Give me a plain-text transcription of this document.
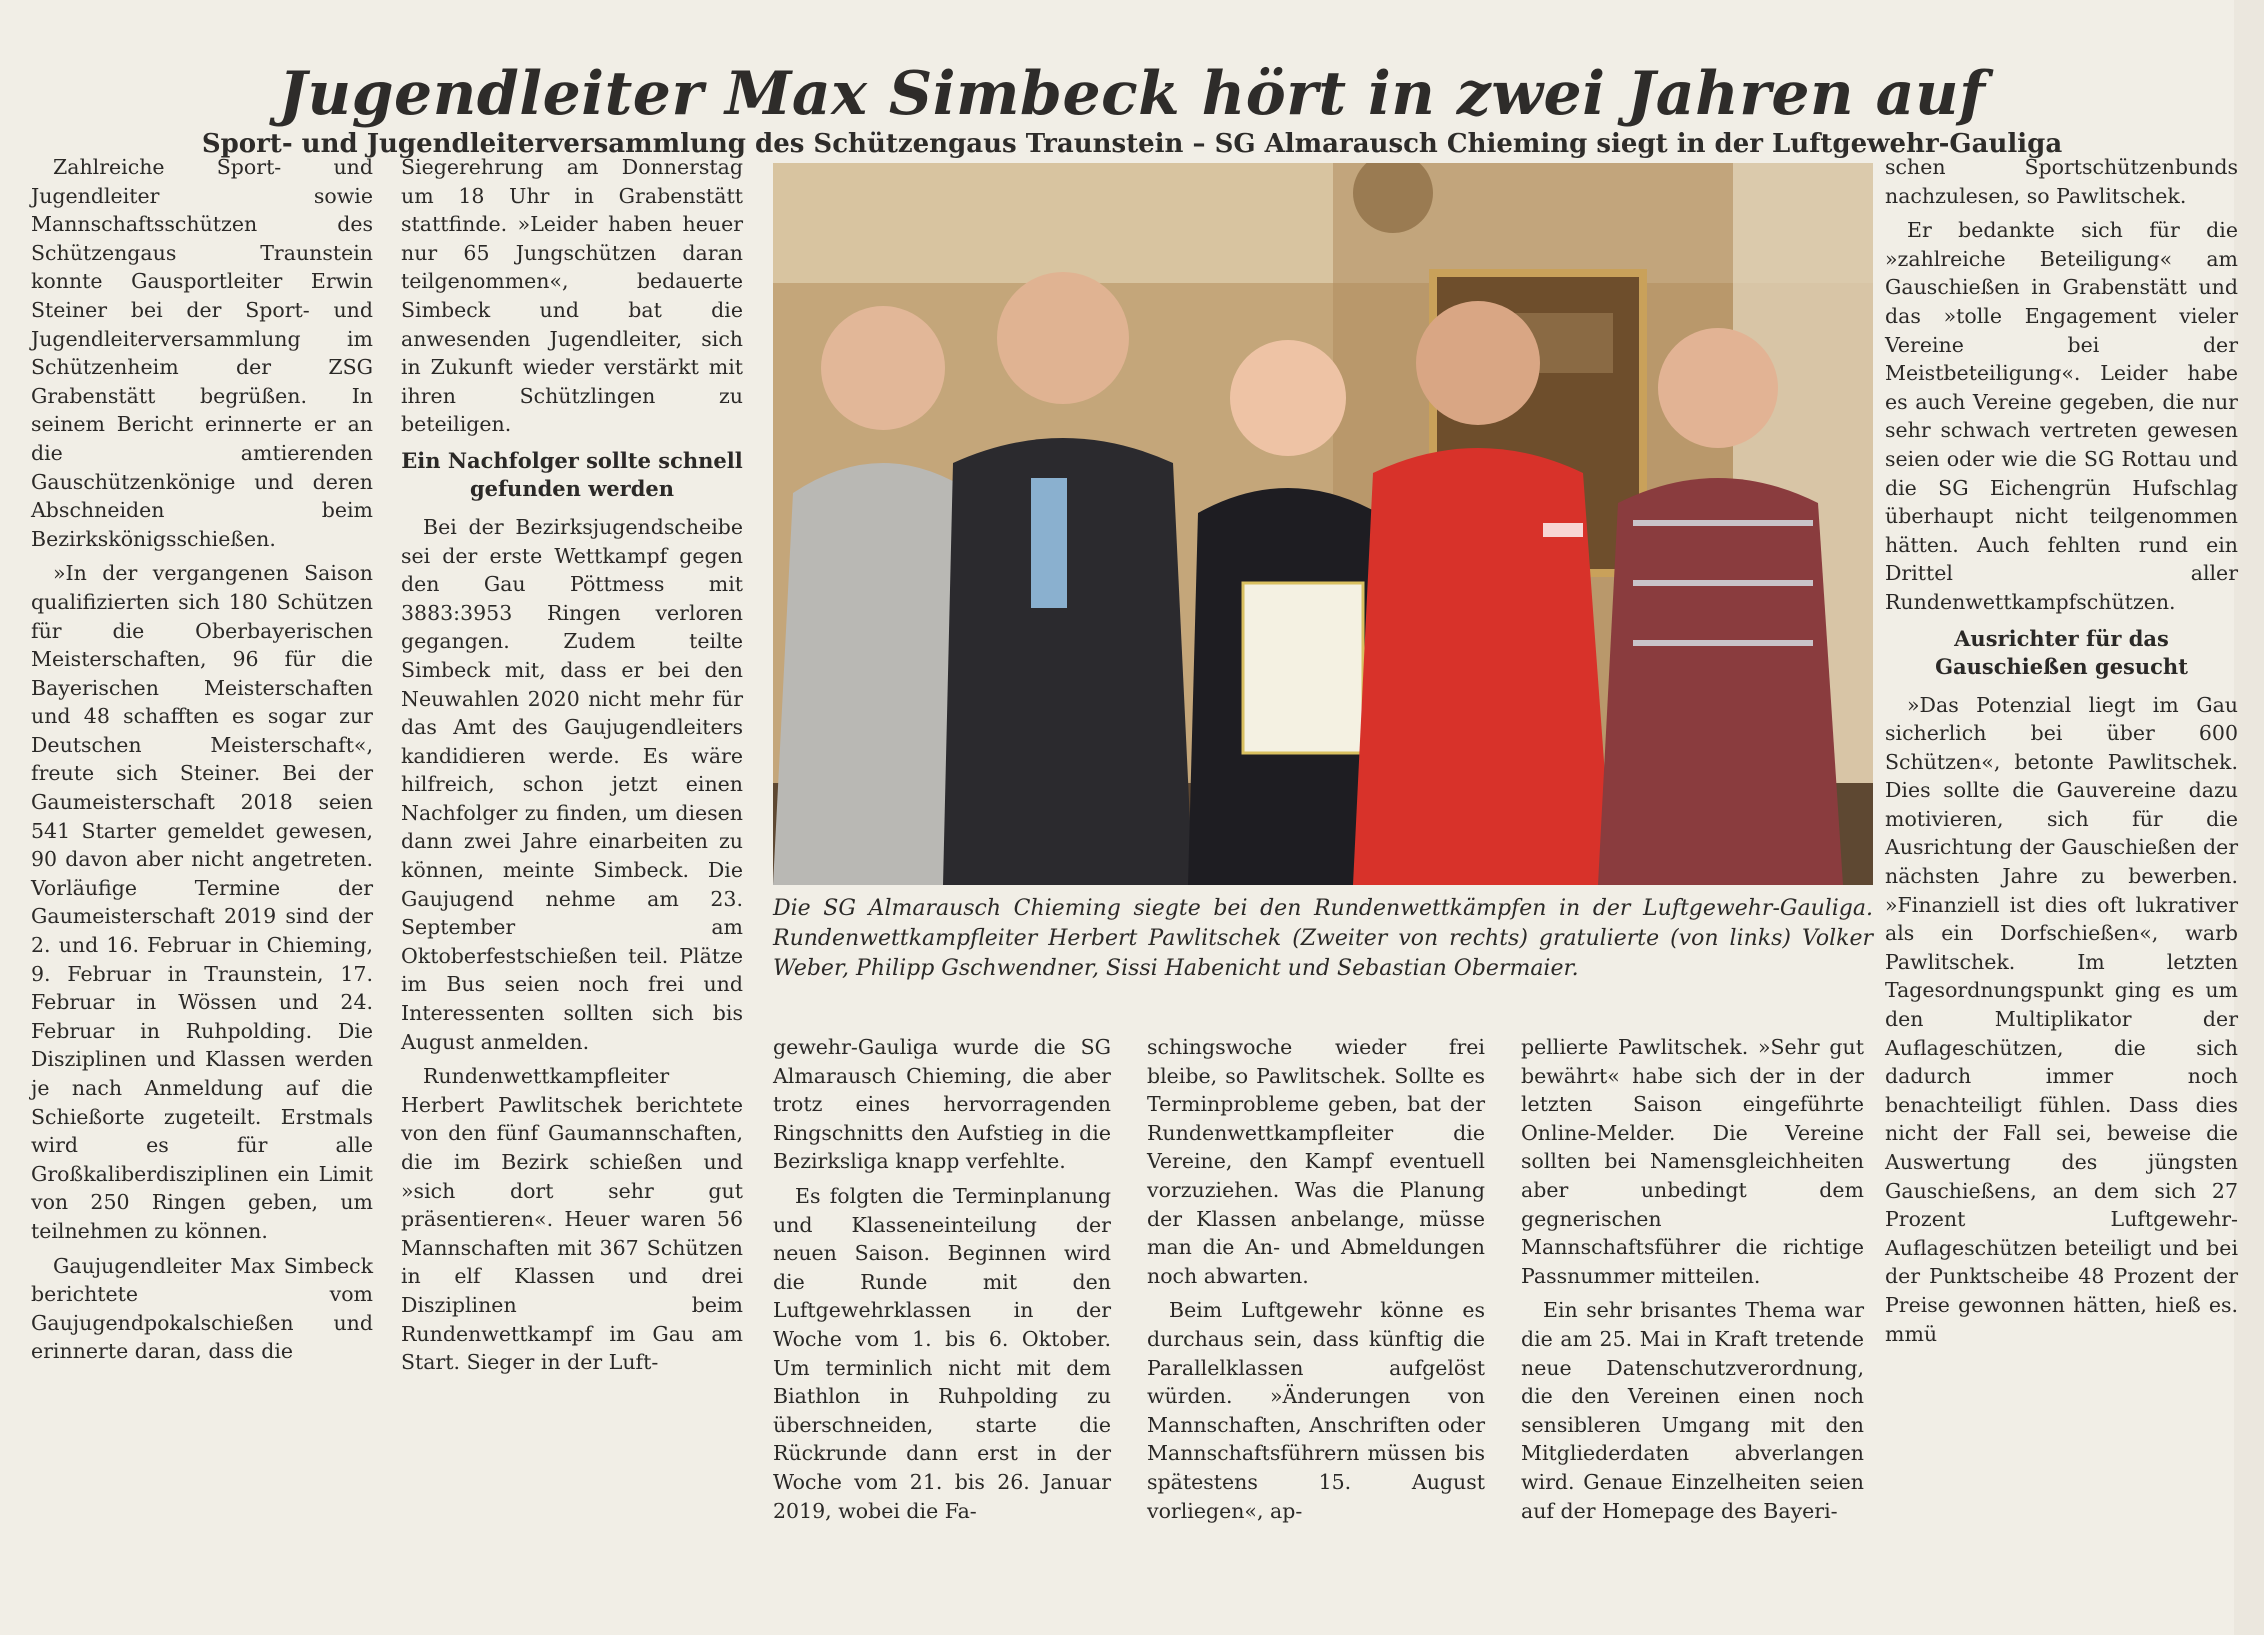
Jugendleiter Max Simbeck hört in zwei Jahren auf
Sport- und Jugendleiterversammlung des Schützengaus Traunstein – SG Almarausch Chieming siegt in der Luftgewehr-Gauliga

Zahlreiche Sport- und Jugendleiter sowie Mannschaftsschützen des Schützengaus Traunstein konnte Gausportleiter Erwin Steiner bei der Sport- und Jugendleiterversammlung im Schützenheim der ZSG Grabenstätt begrüßen. In seinem Bericht erinnerte er an die amtierenden Gauschützenkönige und deren Abschneiden beim Bezirkskönigsschießen.

»In der vergangenen Saison qualifizierten sich 180 Schützen für die Oberbayerischen Meisterschaften, 96 für die Bayerischen Meisterschaften und 48 schafften es sogar zur Deutschen Meisterschaft«, freute sich Steiner. Bei der Gaumeisterschaft 2018 seien 541 Starter gemeldet gewesen, 90 davon aber nicht angetreten. Vorläufige Termine der Gaumeisterschaft 2019 sind der 2. und 16. Februar in Chieming, 9. Februar in Traunstein, 17. Februar in Wössen und 24. Februar in Ruhpolding. Die Disziplinen und Klassen werden je nach Anmeldung auf die Schießorte zugeteilt. Erstmals wird es für alle Großkaliberdisziplinen ein Limit von 250 Ringen geben, um teilnehmen zu können.

Gaujugendleiter Max Simbeck berichtete vom Gaujugendpokalschießen und erinnerte daran, dass die

Siegerehrung am Donnerstag um 18 Uhr in Grabenstätt stattfinde. »Leider haben heuer nur 65 Jungschützen daran teilgenommen«, bedauerte Simbeck und bat die anwesenden Jugendleiter, sich in Zukunft wieder verstärkt mit ihren Schützlingen zu beteiligen.

Ein Nachfolger sollte schnell gefunden werden

Bei der Bezirksjugendscheibe sei der erste Wettkampf gegen den Gau Pöttmess mit 3883:3953 Ringen verloren gegangen. Zudem teilte Simbeck mit, dass er bei den Neuwahlen 2020 nicht mehr für das Amt des Gaujugendleiters kandidieren werde. Es wäre hilfreich, schon jetzt einen Nachfolger zu finden, um diesen dann zwei Jahre einarbeiten zu können, meinte Simbeck. Die Gaujugend nehme am 23. September am Oktoberfestschießen teil. Plätze im Bus seien noch frei und Interessenten sollten sich bis August anmelden.

Rundenwettkampfleiter Herbert Pawlitschek berichtete von den fünf Gaumannschaften, die im Bezirk schießen und »sich dort sehr gut präsentieren«. Heuer waren 56 Mannschaften mit 367 Schützen in elf Klassen und drei Disziplinen beim Rundenwettkampf im Gau am Start. Sieger in der Luft-

Die SG Almarausch Chieming siegte bei den Rundenwettkämpfen in der Luftgewehr-Gauliga. Rundenwettkampfleiter Herbert Pawlitschek (Zweiter von rechts) gratulierte (von links) Volker Weber, Philipp Gschwendner, Sissi Habenicht und Sebastian Obermaier.

gewehr-Gauliga wurde die SG Almarausch Chieming, die aber trotz eines hervorragenden Ringschnitts den Aufstieg in die Bezirksliga knapp verfehlte.

Es folgten die Terminplanung und Klasseneinteilung der neuen Saison. Beginnen wird die Runde mit den Luftgewehrklassen in der Woche vom 1. bis 6. Oktober. Um terminlich nicht mit dem Biathlon in Ruhpolding zu überschneiden, starte die Rückrunde dann erst in der Woche vom 21. bis 26. Januar 2019, wobei die Fa-

schingswoche wieder frei bleibe, so Pawlitschek. Sollte es Terminprobleme geben, bat der Rundenwettkampfleiter die Vereine, den Kampf eventuell vorzuziehen. Was die Planung der Klassen anbelange, müsse man die An- und Abmeldungen noch abwarten.

Beim Luftgewehr könne es durchaus sein, dass künftig die Parallelklassen aufgelöst würden. »Änderungen von Mannschaften, Anschriften oder Mannschaftsführern müssen bis spätestens 15. August vorliegen«, ap-

pellierte Pawlitschek. »Sehr gut bewährt« habe sich der in der letzten Saison eingeführte Online-Melder. Die Vereine sollten bei Namensgleichheiten aber unbedingt dem gegnerischen Mannschaftsführer die richtige Passnummer mitteilen.

Ein sehr brisantes Thema war die am 25. Mai in Kraft tretende neue Datenschutzverordnung, die den Vereinen einen noch sensibleren Umgang mit den Mitgliederdaten abverlangen wird. Genaue Einzelheiten seien auf der Homepage des Bayeri-

schen Sportschützenbunds nachzulesen, so Pawlitschek.

Er bedankte sich für die »zahlreiche Beteiligung« am Gauschießen in Grabenstätt und das »tolle Engagement vieler Vereine bei der Meistbeteiligung«. Leider habe es auch Vereine gegeben, die nur sehr schwach vertreten gewesen seien oder wie die SG Rottau und die SG Eichengrün Hufschlag überhaupt nicht teilgenommen hätten. Auch fehlten rund ein Drittel aller Rundenwettkampfschützen.

Ausrichter für das Gauschießen gesucht

»Das Potenzial liegt im Gau sicherlich bei über 600 Schützen«, betonte Pawlitschek. Dies sollte die Gauvereine dazu motivieren, sich für die Ausrichtung der Gauschießen der nächsten Jahre zu bewerben. »Finanziell ist dies oft lukrativer als ein Dorfschießen«, warb Pawlitschek. Im letzten Tagesordnungspunkt ging es um den Multiplikator der Auflageschützen, die sich dadurch immer noch benachteiligt fühlen. Dass dies nicht der Fall sei, beweise die Auswertung des jüngsten Gauschießens, an dem sich 27 Prozent Luftgewehr-Auflageschützen beteiligt und bei der Punktscheibe 48 Prozent der Preise gewonnen hätten, hieß es. mmü
